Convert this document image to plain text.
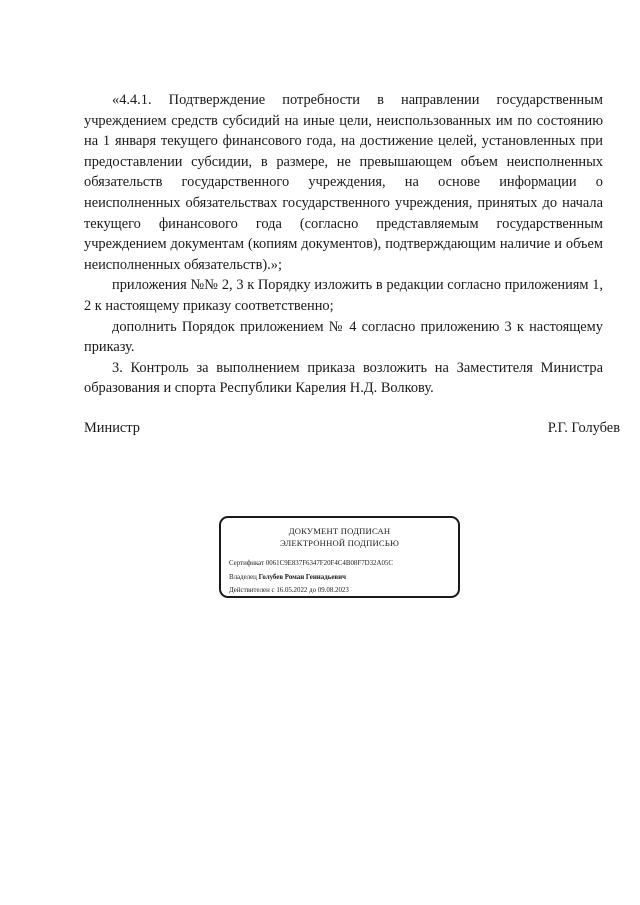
«4.4.1. Подтверждение потребности в направлении государственным учреждением средств субсидий на иные цели, неиспользованных им по состоянию на 1 января текущего финансового года, на достижение целей, установленных при предоставлении субсидии, в размере, не превышающем объем неисполненных обязательств государственного учреждения, на основе информации о неисполненных обязательствах государственного учреждения, принятых до начала текущего финансового года (согласно представляемым государственным учреждением документам (копиям документов), подтверждающим наличие и объем неисполненных обязательств).»;

приложения №№ 2, 3 к Порядку изложить в редакции согласно приложениям 1, 2 к настоящему приказу соответственно;

дополнить Порядок приложением № 4 согласно приложению 3 к настоящему приказу.

3. Контроль за выполнением приказа возложить на Заместителя Министра образования и спорта Республики Карелия Н.Д. Волкову.

Министр	Р.Г. Голубев
ДОКУМЕНТ ПОДПИСАН
ЭЛЕКТРОННОЙ ПОДПИСЬЮ
Сертификат 0061C9E837F6347F20F4C4B08F7D32A05C
Владелец Голубев Роман Геннадьевич
Действителен с 16.05.2022 до 09.08.2023
